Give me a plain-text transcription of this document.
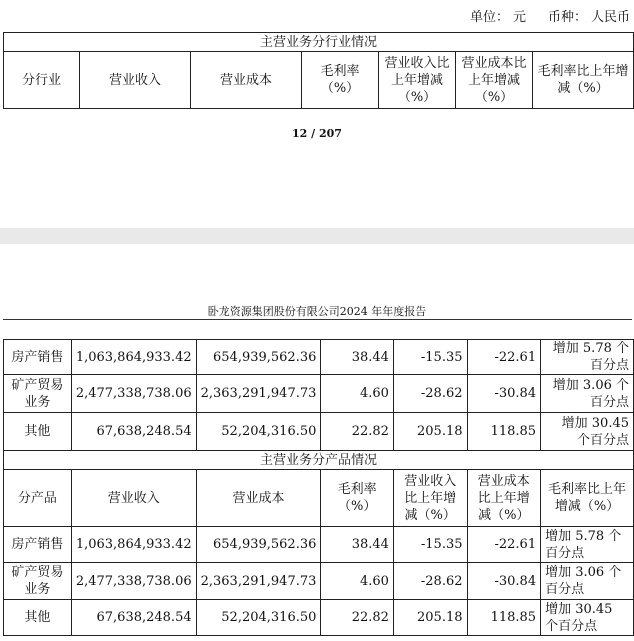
单位： 元 币种： 人民币
主营业务分行业情况
分行业	营业收入	营业成本	毛利率（%）	营业收入比上年增减（%）	营业成本比上年增减（%）	毛利率比上年增减（%）
12 / 207
卧龙资源集团股份有限公司2024 年年度报告
房产销售	1,063,864,933.42	654,939,562.36	38.44	-15.35	-22.61	增加 5.78 个百分点
矿产贸易业务	2,477,338,738.06	2,363,291,947.73	4.60	-28.62	-30.84	增加 3.06 个百分点
其他	67,638,248.54	52,204,316.50	22.82	205.18	118.85	增加 30.45 个百分点
主营业务分产品情况						
分产品	营业收入	营业成本	毛利率（%）	营业收入比上年增减（%）	营业成本比上年增减（%）	毛利率比上年增减（%）
房产销售	1,063,864,933.42	654,939,562.36	38.44	-15.35	-22.61	增加 5.78 个百分点
矿产贸易业务	2,477,338,738.06	2,363,291,947.73	4.60	-28.62	-30.84	增加 3.06 个百分点
其他	67,638,248.54	52,204,316.50	22.82	205.18	118.85	增加 30.45 个百分点
